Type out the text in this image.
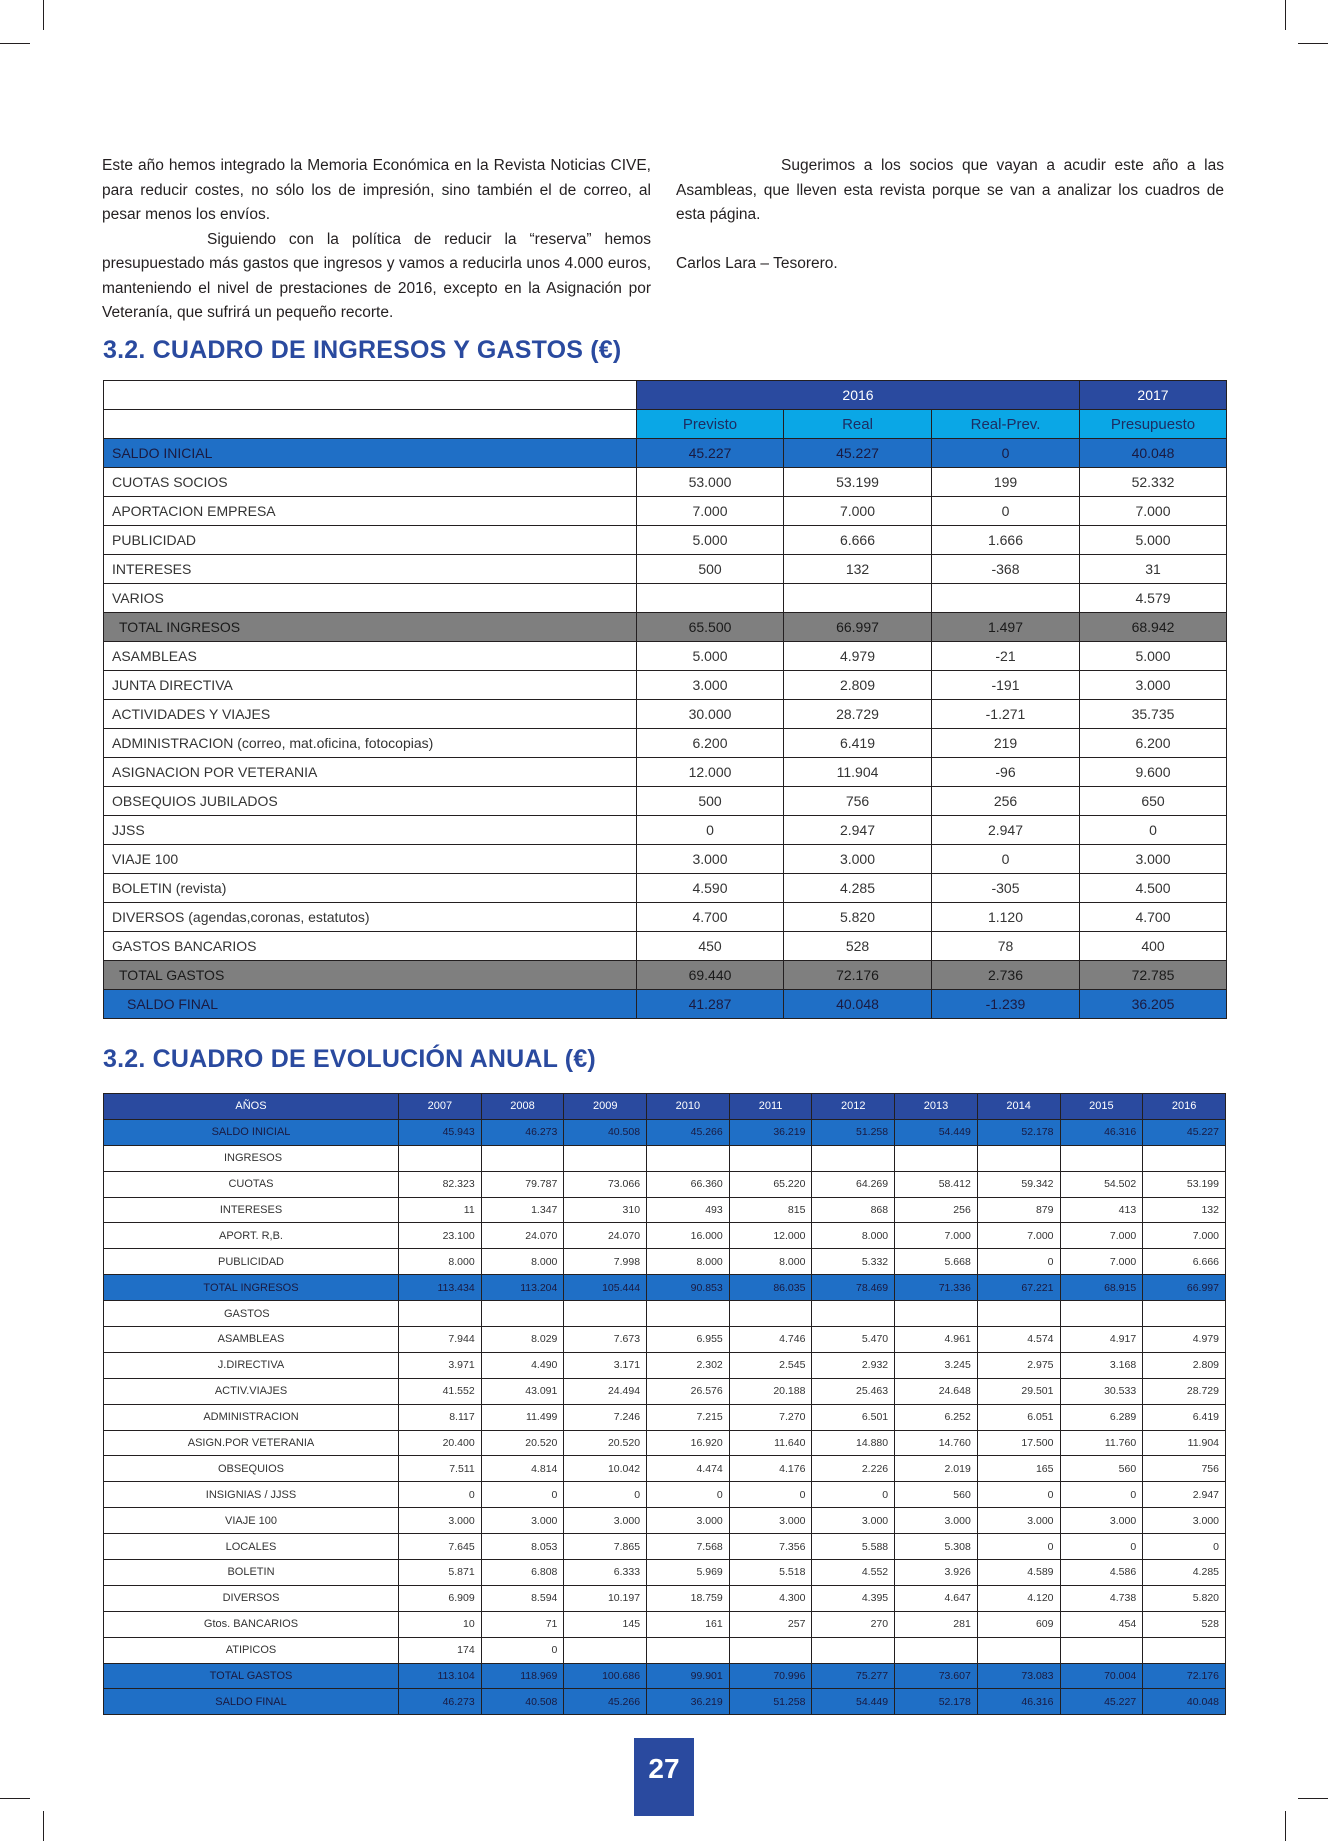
Este año hemos integrado la Memoria Económica en la Revista Noticias CIVE, para reducir costes, no sólo los de impresión, sino también el de correo, al pesar menos los envíos.

Siguiendo con la política de reducir la “reserva” hemos presupuestado más gastos que ingresos y vamos a reducirla unos 4.000 euros, manteniendo el nivel de prestaciones de 2016, excepto en la Asignación por Veteranía, que sufrirá un pequeño recorte.

Sugerimos a los socios que vayan a acudir este año a las Asambleas, que lleven esta revista porque se van a analizar los cuadros de esta página.

Carlos Lara – Tesorero.

3.2. CUADRO DE INGRESOS Y GASTOS (€)
	2016			2017
	Previsto	Real	Real-Prev.	Presupuesto
SALDO INICIAL	45.227	45.227	0	40.048
CUOTAS SOCIOS	53.000	53.199	199	52.332
APORTACION EMPRESA	7.000	7.000	0	7.000
PUBLICIDAD	5.000	6.666	1.666	5.000
INTERESES	500	132	-368	31
VARIOS				4.579
TOTAL INGRESOS	65.500	66.997	1.497	68.942
ASAMBLEAS	5.000	4.979	-21	5.000
JUNTA DIRECTIVA	3.000	2.809	-191	3.000
ACTIVIDADES Y VIAJES	30.000	28.729	-1.271	35.735
ADMINISTRACION (correo, mat.oficina, fotocopias)	6.200	6.419	219	6.200
ASIGNACION POR VETERANIA	12.000	11.904	-96	9.600
OBSEQUIOS JUBILADOS	500	756	256	650
JJSS	0	2.947	2.947	0
VIAJE 100	3.000	3.000	0	3.000
BOLETIN (revista)	4.590	4.285	-305	4.500
DIVERSOS (agendas,coronas, estatutos)	4.700	5.820	1.120	4.700
GASTOS BANCARIOS	450	528	78	400
TOTAL GASTOS	69.440	72.176	2.736	72.785
SALDO FINAL	41.287	40.048	-1.239	36.205
3.2. CUADRO DE EVOLUCIÓN ANUAL (€)
AÑOS	2007	2008	2009	2010	2011	2012	2013	2014	2015	2016
SALDO INICIAL	45.943	46.273	40.508	45.266	36.219	51.258	54.449	52.178	46.316	45.227
INGRESOS										
CUOTAS	82.323	79.787	73.066	66.360	65.220	64.269	58.412	59.342	54.502	53.199
INTERESES	11	1.347	310	493	815	868	256	879	413	132
APORT. R,B.	23.100	24.070	24.070	16.000	12.000	8.000	7.000	7.000	7.000	7.000
PUBLICIDAD	8.000	8.000	7.998	8.000	8.000	5.332	5.668	0	7.000	6.666
TOTAL INGRESOS	113.434	113.204	105.444	90.853	86.035	78.469	71.336	67.221	68.915	66.997
GASTOS										
ASAMBLEAS	7.944	8.029	7.673	6.955	4.746	5.470	4.961	4.574	4.917	4.979
J.DIRECTIVA	3.971	4.490	3.171	2.302	2.545	2.932	3.245	2.975	3.168	2.809
ACTIV.VIAJES	41.552	43.091	24.494	26.576	20.188	25.463	24.648	29.501	30.533	28.729
ADMINISTRACION	8.117	11.499	7.246	7.215	7.270	6.501	6.252	6.051	6.289	6.419
ASIGN.POR VETERANIA	20.400	20.520	20.520	16.920	11.640	14.880	14.760	17.500	11.760	11.904
OBSEQUIOS	7.511	4.814	10.042	4.474	4.176	2.226	2.019	165	560	756
INSIGNIAS / JJSS	0	0	0	0	0	0	560	0	0	2.947
VIAJE 100	3.000	3.000	3.000	3.000	3.000	3.000	3.000	3.000	3.000	3.000
LOCALES	7.645	8.053	7.865	7.568	7.356	5.588	5.308	0	0	0
BOLETIN	5.871	6.808	6.333	5.969	5.518	4.552	3.926	4.589	4.586	4.285
DIVERSOS	6.909	8.594	10.197	18.759	4.300	4.395	4.647	4.120	4.738	5.820
Gtos. BANCARIOS	10	71	145	161	257	270	281	609	454	528
ATIPICOS	174	0								
TOTAL GASTOS	113.104	118.969	100.686	99.901	70.996	75.277	73.607	73.083	70.004	72.176
SALDO FINAL	46.273	40.508	45.266	36.219	51.258	54.449	52.178	46.316	45.227	40.048
27
